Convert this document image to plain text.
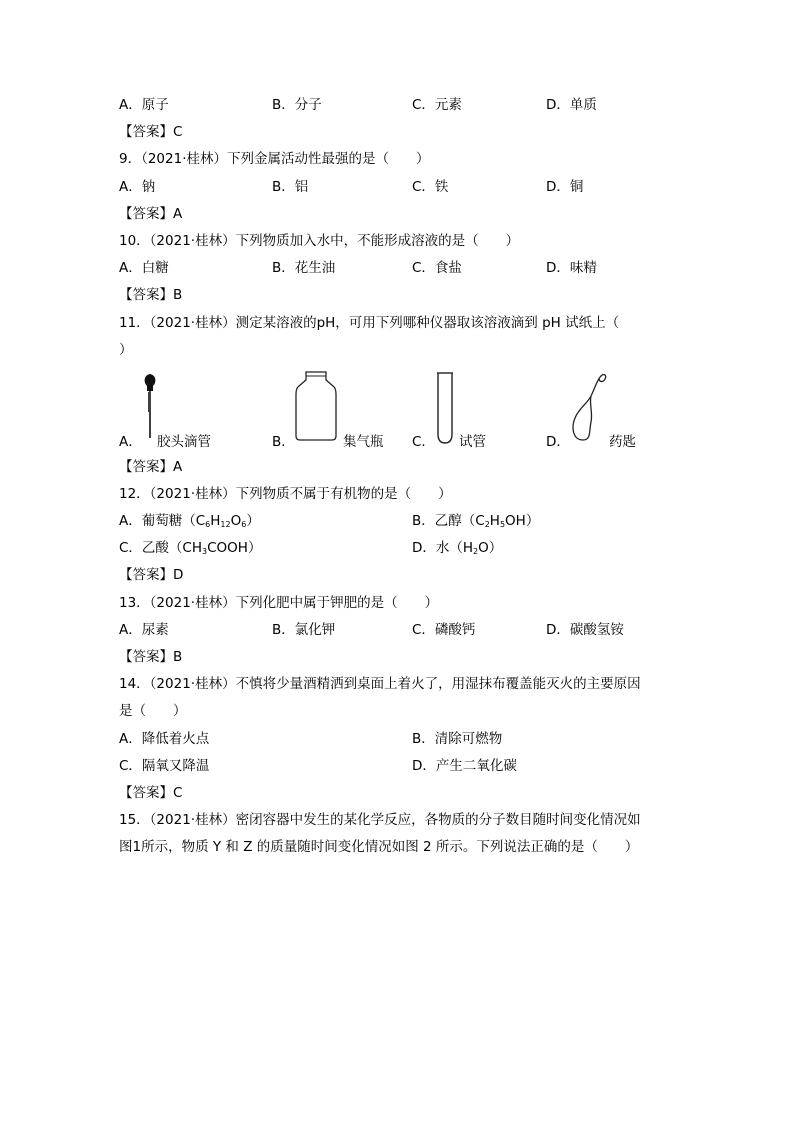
A．原子	B．分子	C．元素	D．单质
【答案】C
9．（2021·桂林）下列金属活动性最强的是（　　）
A．钠	B．铝	C．铁	D．铜
【答案】A
10．（2021·桂林）下列物质加入水中，不能形成溶液的是（　　）
A．白糖	B．花生油	C．食盐	D．味精
【答案】B
11．（2021·桂林）测定某溶液的pH，可用下列哪种仪器取该溶液滴到 pH 试纸上（
）
A． 胶头滴管	B．	集气瓶 C． 试管	D．	药匙
【答案】A
12．（2021·桂林）下列物质不属于有机物的是（　　）
A．葡萄糖$(C_6H_{12}O_6)$	B．乙醇$(C_2H_5OH)$
C．乙酸$(CH_3COOH)$	D．水$(H_2O)$
【答案】D
13．（2021·桂林）下列化肥中属于钾肥的是（　　）
A．尿素	B．氯化钾	C．磷酸钙	D．碳酸氢铵
【答案】B
14．（2021·桂林）不慎将少量酒精洒到桌面上着火了，用湿抹布覆盖能灭火的主要原因
是（　　）
A．降低着火点	B．清除可燃物
C．隔氧又降温	D．产生二氧化碳
【答案】C
15．（2021·桂林）密闭容器中发生的某化学反应，各物质的分子数目随时间变化情况如
图1所示，物质 Y 和 Z 的质量随时间变化情况如图 2 所示。下列说法正确的是（　　）
